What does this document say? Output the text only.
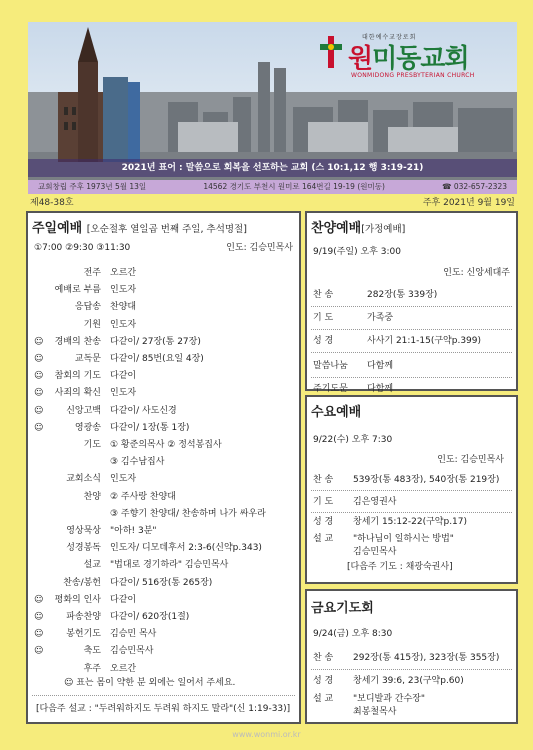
대한예수교장로회
원미동교회
WONMIDONG PRESBYTERIAN CHURCH
2021년 표어 : 말씀으로 회복을 선포하는 교회 (스 10:1,12 행 3:19-21)
교회창립 주후 1973년 5월 13일	14562 경기도 부천시 원미로 164번길 19-19 (원미동)	☎ 032-657-2323
제48-38호	주후 2021년 9월 19일
주일예배 [오순절후 열일곱 번째 주일, 추석명절]
①7:00 ②9:30 ③11:30	인도: 김승민목사
전주 오르간
예배로 부름 인도자
응답송 찬양대
기원 인도자
☺ 경배의 찬송 다같이/ 27장(통 27장)
☺	교독문 다같이/ 85번(요일 4장)
☺ 참회의 기도 다같이
☺ 사죄의 확신 인도자
☺	신앙고백 다같이/ 사도신경
☺	영광송 다같이/ 1장(통 1장)
기도 ① 황준의목사 ② 정석봉집사
③ 김수남집사
교회소식 인도자
찬양 ② 주사랑 찬양대
③ 주향기 찬양대/ 찬송하며 나가 싸우라
영상묵상 "아하! 3분"
성경봉독 인도자/ 디모데후서 2:3-6(신약p.343)
설교 "법대로 경기하라" 김승민목사
찬송/봉헌 다같이/ 516장(통 265장)
☺ 평화의 인사 다같이
☺	파송찬양 다같이/ 620장(1절)
☺	봉헌기도 김승민 목사
☺	축도 김승민목사
후주 오르간
☺ 표는 몸이 약한 분 외에는 일어서 주세요.
[다음주 설교 : "두려워하지도 두려워 하지도 말라"(신 1:19-33)]
찬양예배[가정예배]
9/19(주일) 오후 3:00
인도: 신앙세대주
찬 송	282장(통 339장)
기 도	가족중
성 경	사사기 21:1-15(구약p.399)
말씀나눔 다함께
주기도문 다함께
수요예배
9/22(수) 오후 7:30
인도: 김승민목사
찬 송 539장(통 483장), 540장(통 219장)
기 도 김은영권사
성 경 창세기 15:12-22(구약p.17)
설 교 "하나님이 일하시는 방법"
김승민목사
[다음주 기도 : 채광숙권사]
금요기도회
9/24(금) 오후 8:30
찬 송 292장(통 415장), 323장(통 355장)
성 경 창세기 39:6, 23(구약p.60)
설 교 "보디발과 간수장"
최봉철목사
www.wonmi.or.kr
